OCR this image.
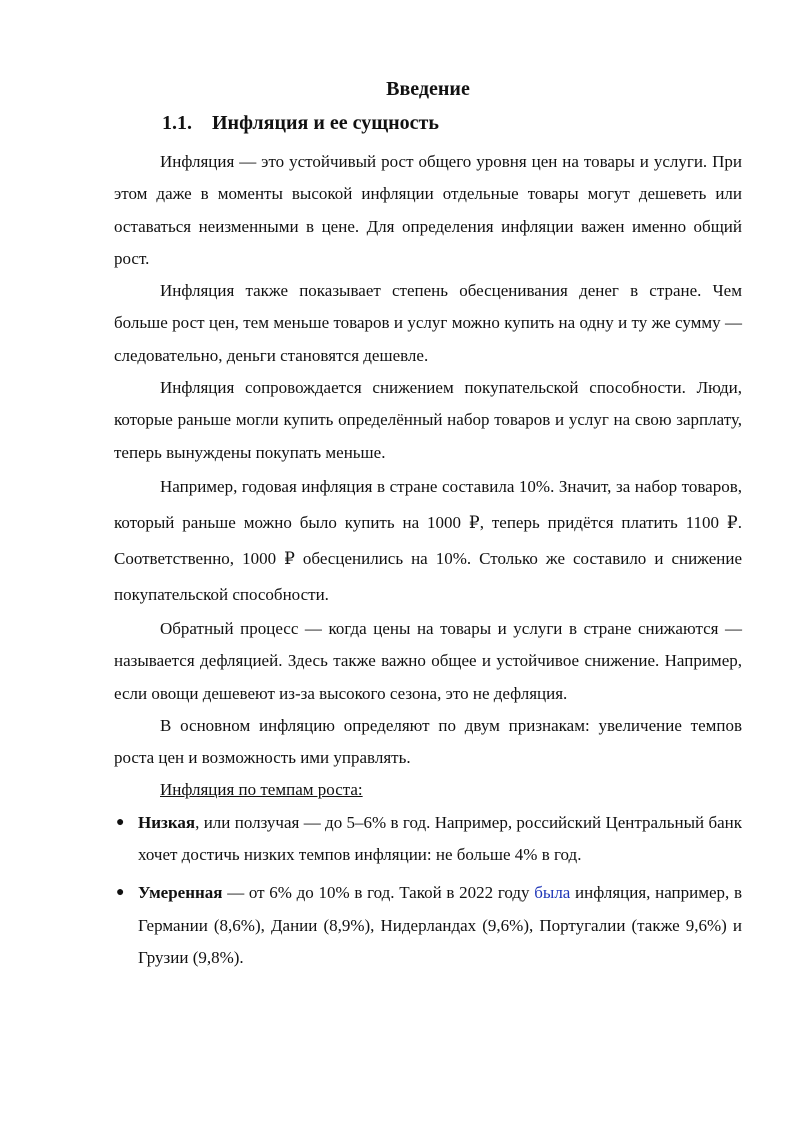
Введение
1.1. Инфляция и ее сущность

Инфляция — это устойчивый рост общего уровня цен на товары и услуги. При этом даже в моменты высокой инфляции отдельные товары могут дешеветь или оставаться неизменными в цене. Для определения инфляции важен именно общий рост.

Инфляция также показывает степень обесценивания денег в стране. Чем больше рост цен, тем меньше товаров и услуг можно купить на одну и ту же сумму — следовательно, деньги становятся дешевле.

Инфляция сопровождается снижением покупательской способности. Люди, которые раньше могли купить определённый набор товаров и услуг на свою зарплату, теперь вынуждены покупать меньше.

Например, годовая инфляция в стране составила 10%. Значит, за набор товаров, который раньше можно было купить на 1000 ₽, теперь придётся платить 1100 ₽. Соответственно, 1000 ₽ обесценились на 10%. Столько же составило и снижение покупательской способности.

Обратный процесс — когда цены на товары и услуги в стране снижаются — называется дефляцией. Здесь также важно общее и устойчивое снижение. Например, если овощи дешевеют из-за высокого сезона, это не дефляция.

В основном инфляцию определяют по двум признакам: увеличение темпов роста цен и возможность ими управлять.

Инфляция по темпам роста:

● Низкая, или ползучая — до 5–6% в год. Например, российский Центральный банк хочет достичь низких темпов инфляции: не больше 4% в год.
● Умеренная — от 6% до 10% в год. Такой в 2022 году была инфляция, например, в Германии (8,6%), Дании (8,9%), Нидерландах (9,6%), Португалии (также 9,6%) и Грузии (9,8%).
